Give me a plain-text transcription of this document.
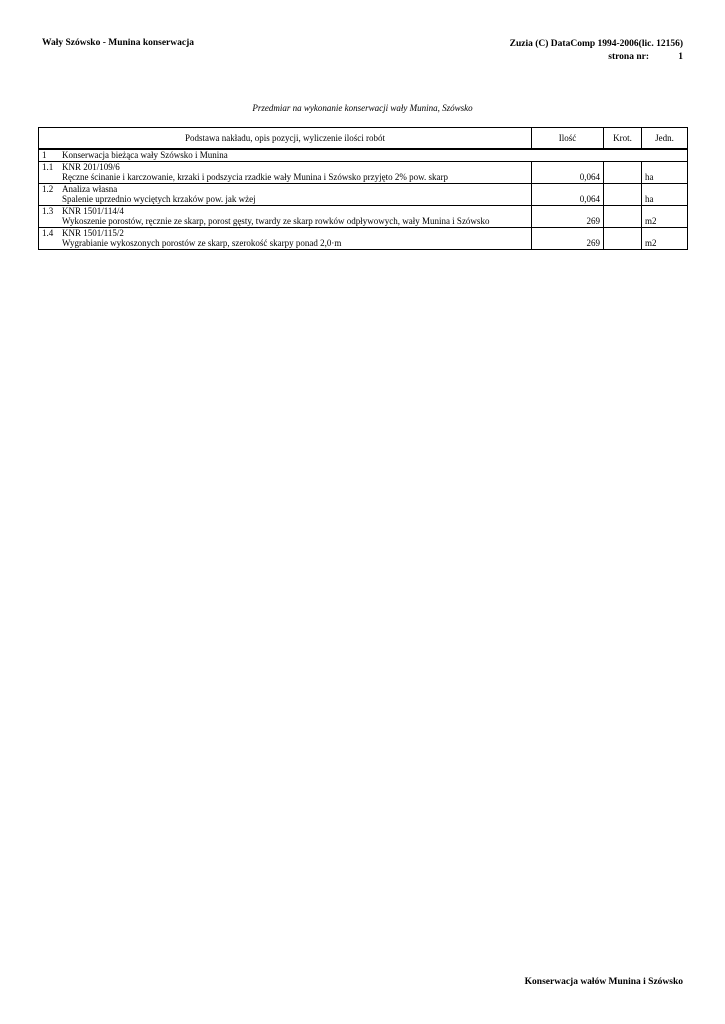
Wały Szówsko - Munina konserwacja	Zuzia (C) DataComp 1994-2006(lic. 12156)
strona nr:	1
Przedmiar na wykonanie konserwacji wały Munina, Szówsko
Podstawa nakładu, opis pozycji, wyliczenie ilości robót	Ilość	Krot.	Jedn.
1 Konserwacja bieżąca wały Szówsko i Munina			
1.1 KNR 201/109/6
Ręczne ścinanie i karczowanie, krzaki i podszycia rzadkie wały Munina i Szówsko przyjęto 2% pow. skarp	0,064		ha
1.2 Analiza własna
Spalenie uprzednio wyciętych krzaków pow. jak wżej	0,064		ha
1.3 KNR 1501/114/4
Wykoszenie porostów, ręcznie ze skarp, porost gęsty, twardy ze skarp rowków odpływowych, wały Munina i Szówsko	269		m2
1.4 KNR 1501/115/2
Wygrabianie wykoszonych porostów ze skarp, szerokość skarpy ponad 2,0·m	269		m2
Konserwacja wałów Munina i Szówsko
